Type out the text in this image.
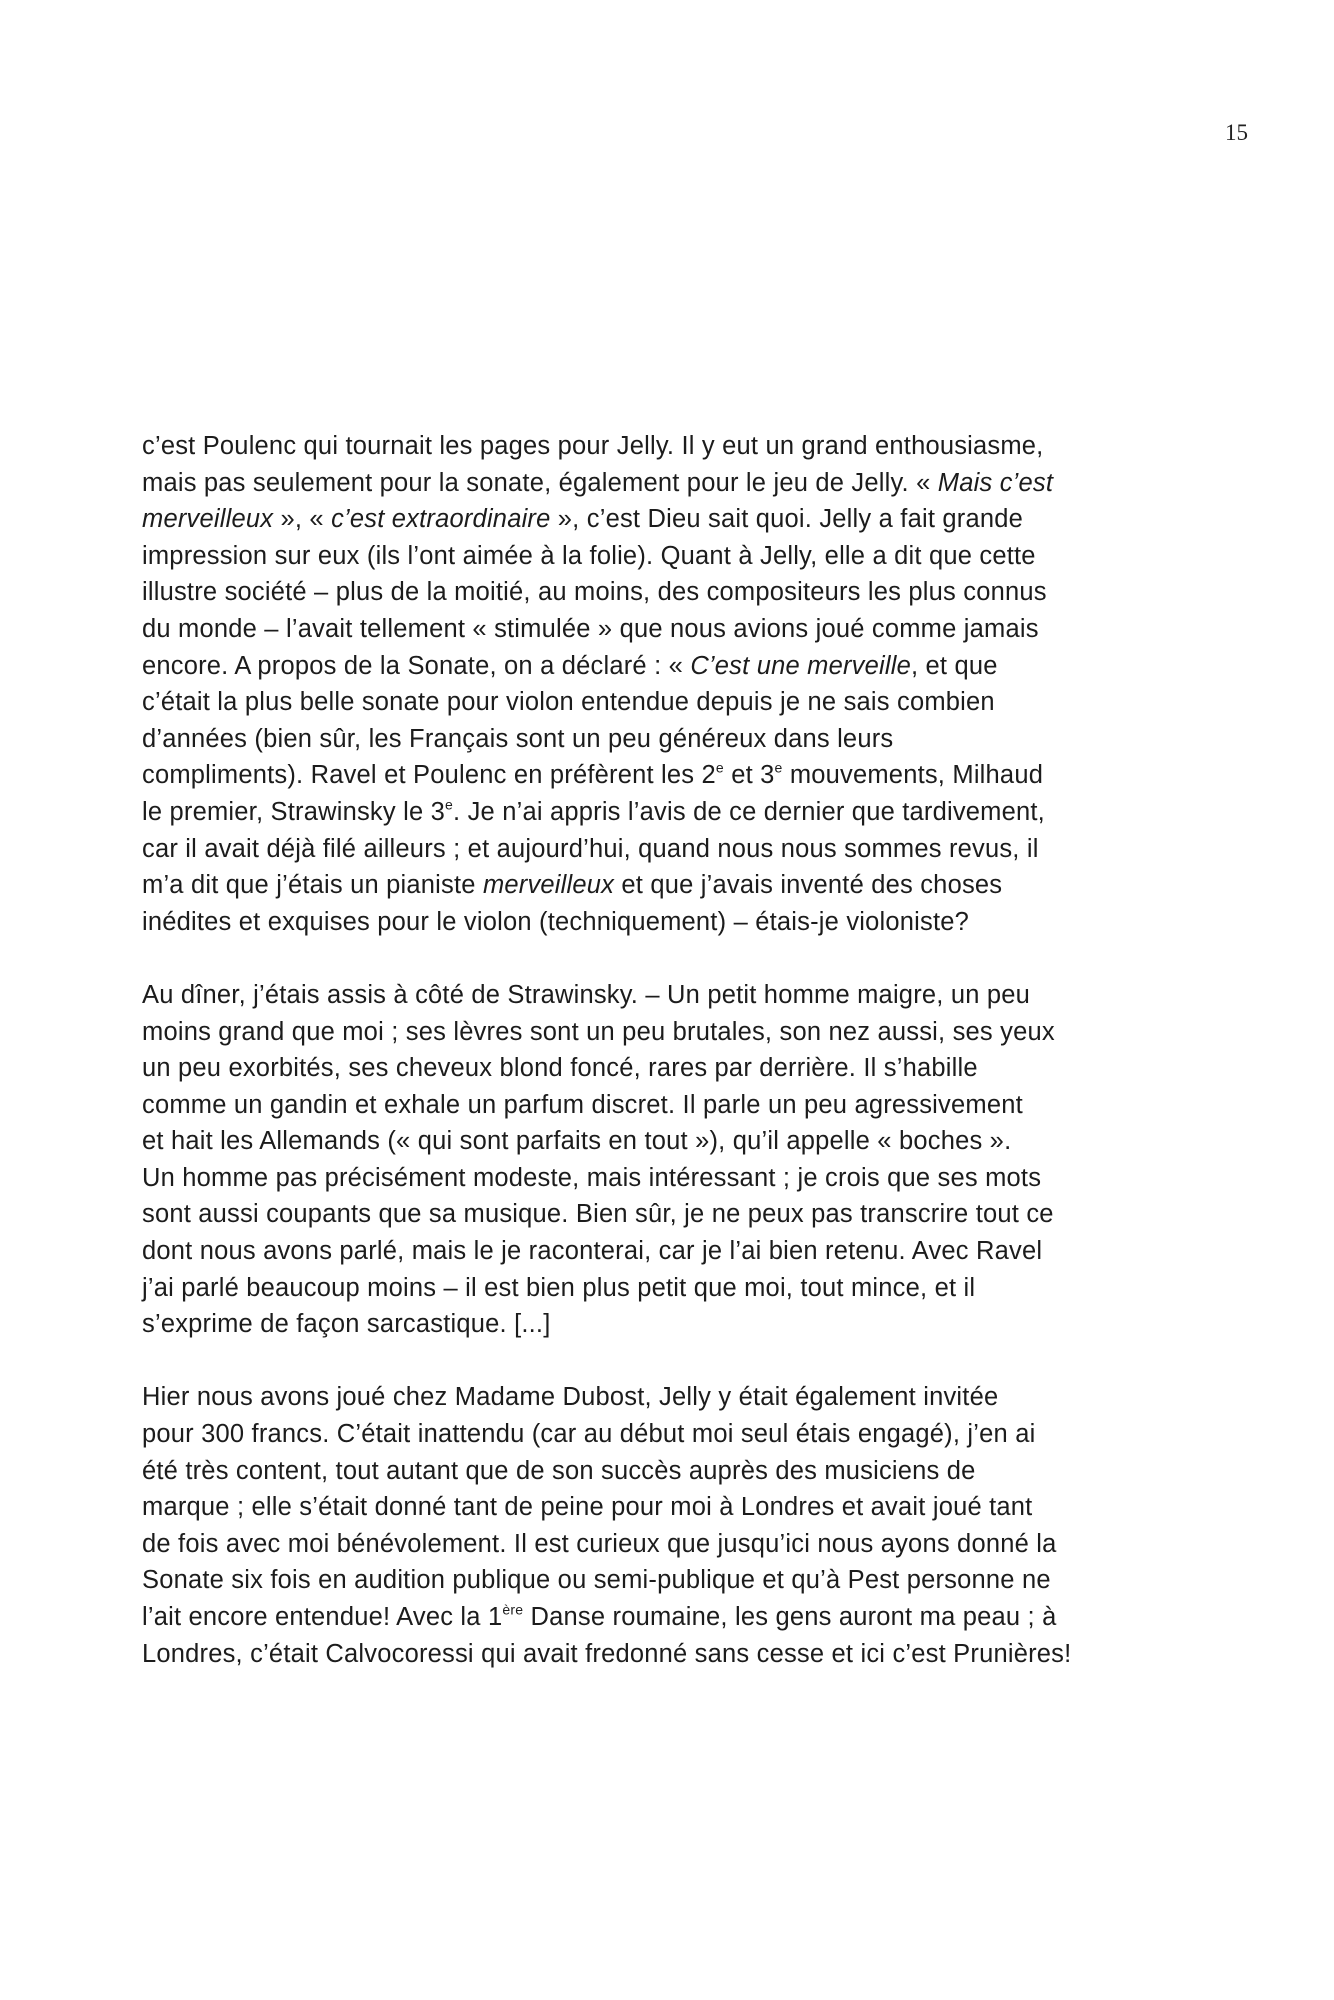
15
c’est Poulenc qui tournait les pages pour Jelly. Il y eut un grand enthousiasme,
mais pas seulement pour la sonate, également pour le jeu de Jelly. « Mais c’est
merveilleux », « c’est extraordinaire », c’est Dieu sait quoi. Jelly a fait grande
impression sur eux (ils l’ont aimée à la folie). Quant à Jelly, elle a dit que cette
illustre société – plus de la moitié, au moins, des compositeurs les plus connus
du monde – l’avait tellement « stimulée » que nous avions joué comme jamais
encore. A propos de la Sonate, on a déclaré : « C’est une merveille, et que
c’était la plus belle sonate pour violon entendue depuis je ne sais combien
d’années (bien sûr, les Français sont un peu généreux dans leurs
compliments). Ravel et Poulenc en préfèrent les 2e et 3e mouvements, Milhaud
le premier, Strawinsky le 3e. Je n’ai appris l’avis de ce dernier que tardivement,
car il avait déjà filé ailleurs ; et aujourd’hui, quand nous nous sommes revus, il
m’a dit que j’étais un pianiste merveilleux et que j’avais inventé des choses
inédites et exquises pour le violon (techniquement) – étais-je violoniste?
Au dîner, j’étais assis à côté de Strawinsky. – Un petit homme maigre, un peu
moins grand que moi ; ses lèvres sont un peu brutales, son nez aussi, ses yeux
un peu exorbités, ses cheveux blond foncé, rares par derrière. Il s’habille
comme un gandin et exhale un parfum discret. Il parle un peu agressivement
et hait les Allemands (« qui sont parfaits en tout »), qu’il appelle « boches ».
Un homme pas précisément modeste, mais intéressant ; je crois que ses mots
sont aussi coupants que sa musique. Bien sûr, je ne peux pas transcrire tout ce
dont nous avons parlé, mais le je raconterai, car je l’ai bien retenu. Avec Ravel
j’ai parlé beaucoup moins – il est bien plus petit que moi, tout mince, et il
s’exprime de façon sarcastique. [...]
Hier nous avons joué chez Madame Dubost, Jelly y était également invitée
pour 300 francs. C’était inattendu (car au début moi seul étais engagé), j’en ai
été très content, tout autant que de son succès auprès des musiciens de
marque ; elle s’était donné tant de peine pour moi à Londres et avait joué tant
de fois avec moi bénévolement. Il est curieux que jusqu’ici nous ayons donné la
Sonate six fois en audition publique ou semi-publique et qu’à Pest personne ne
l’ait encore entendue! Avec la 1ère Danse roumaine, les gens auront ma peau ; à
Londres, c’était Calvocoressi qui avait fredonné sans cesse et ici c’est Prunières!
